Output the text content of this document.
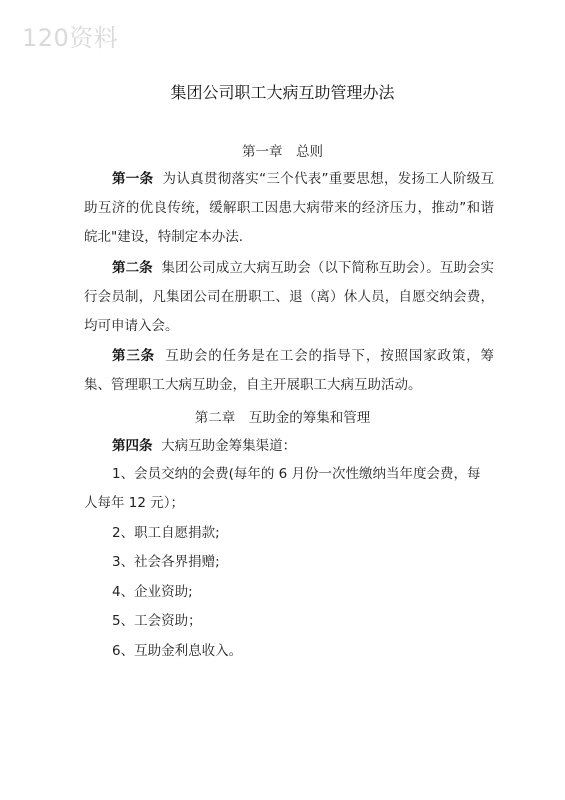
120资料
集团公司职工大病互助管理办法
第一章　总则
第一条 为认真贯彻落实“三个代表”重要思想，发扬工人阶级互助互济的优良传统，缓解职工因患大病带来的经济压力，推动”和谐皖北"建设，特制定本办法.
第二条 集团公司成立大病互助会（以下简称互助会）。互助会实行会员制，凡集团公司在册职工、退（离）休人员，自愿交纳会费，均可申请入会。
第三条 互助会的任务是在工会的指导下，按照国家政策，筹集、管理职工大病互助金，自主开展职工大病互助活动。
第二章　互助金的筹集和管理
第四条 大病互助金筹集渠道：
1、会员交纳的会费(每年的 6 月份一次性缴纳当年度会费，每人每年 12 元）；
2、职工自愿捐款;
3、社会各界捐赠;
4、企业资助;
5、工会资助；
6、互助金利息收入。
